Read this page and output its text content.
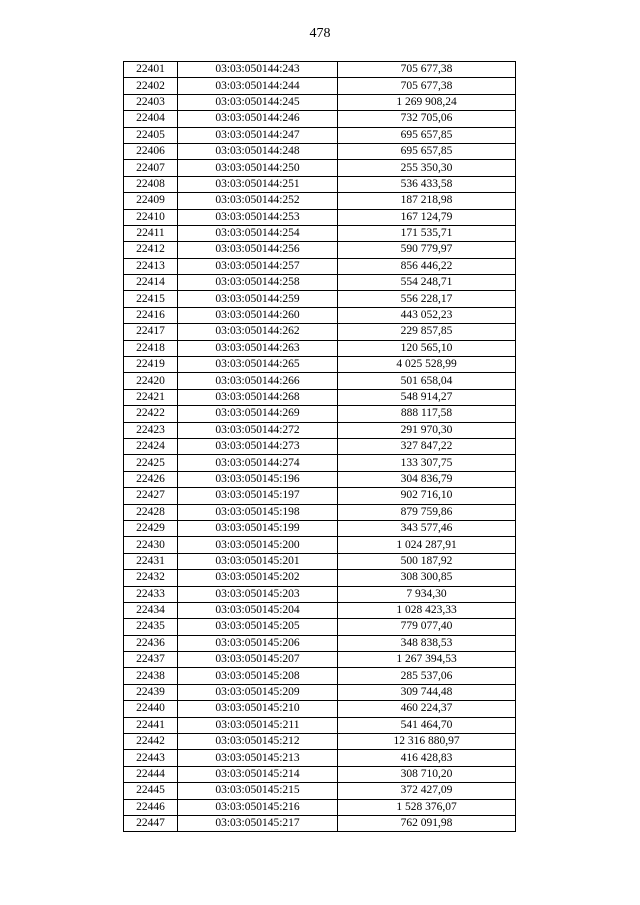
478
22401	03:03:050144:243	705 677,38
22402	03:03:050144:244	705 677,38
22403	03:03:050144:245	1 269 908,24
22404	03:03:050144:246	732 705,06
22405	03:03:050144:247	695 657,85
22406	03:03:050144:248	695 657,85
22407	03:03:050144:250	255 350,30
22408	03:03:050144:251	536 433,58
22409	03:03:050144:252	187 218,98
22410	03:03:050144:253	167 124,79
22411	03:03:050144:254	171 535,71
22412	03:03:050144:256	590 779,97
22413	03:03:050144:257	856 446,22
22414	03:03:050144:258	554 248,71
22415	03:03:050144:259	556 228,17
22416	03:03:050144:260	443 052,23
22417	03:03:050144:262	229 857,85
22418	03:03:050144:263	120 565,10
22419	03:03:050144:265	4 025 528,99
22420	03:03:050144:266	501 658,04
22421	03:03:050144:268	548 914,27
22422	03:03:050144:269	888 117,58
22423	03:03:050144:272	291 970,30
22424	03:03:050144:273	327 847,22
22425	03:03:050144:274	133 307,75
22426	03:03:050145:196	304 836,79
22427	03:03:050145:197	902 716,10
22428	03:03:050145:198	879 759,86
22429	03:03:050145:199	343 577,46
22430	03:03:050145:200	1 024 287,91
22431	03:03:050145:201	500 187,92
22432	03:03:050145:202	308 300,85
22433	03:03:050145:203	7 934,30
22434	03:03:050145:204	1 028 423,33
22435	03:03:050145:205	779 077,40
22436	03:03:050145:206	348 838,53
22437	03:03:050145:207	1 267 394,53
22438	03:03:050145:208	285 537,06
22439	03:03:050145:209	309 744,48
22440	03:03:050145:210	460 224,37
22441	03:03:050145:211	541 464,70
22442	03:03:050145:212	12 316 880,97
22443	03:03:050145:213	416 428,83
22444	03:03:050145:214	308 710,20
22445	03:03:050145:215	372 427,09
22446	03:03:050145:216	1 528 376,07
22447	03:03:050145:217	762 091,98
